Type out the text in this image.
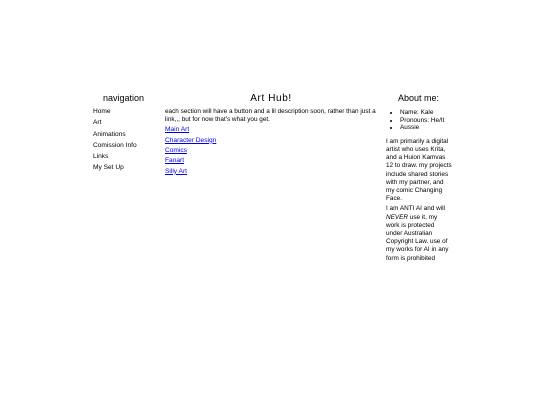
navigation
Home
Art
Animations
Comission Info
Links
My Set Up
Art Hub!

each section will have a button and a lil description soon, rather than just a link,,, but for now that's what you get.

Main Art
Character Design
Comics
Fanart
Silly Art
About me:
• Name: Kale
• Pronouns: He/It
• Aussie

I am primarily a digital artist who uses Krita, and a Huion Kamvas 12 to draw. my projects include shared stories with my partner, and my comic Changing Face.

I am ANTI AI and will NEVER use it, my work is protected under Australian Copyright Law. use of my works for AI in any form is prohibited
